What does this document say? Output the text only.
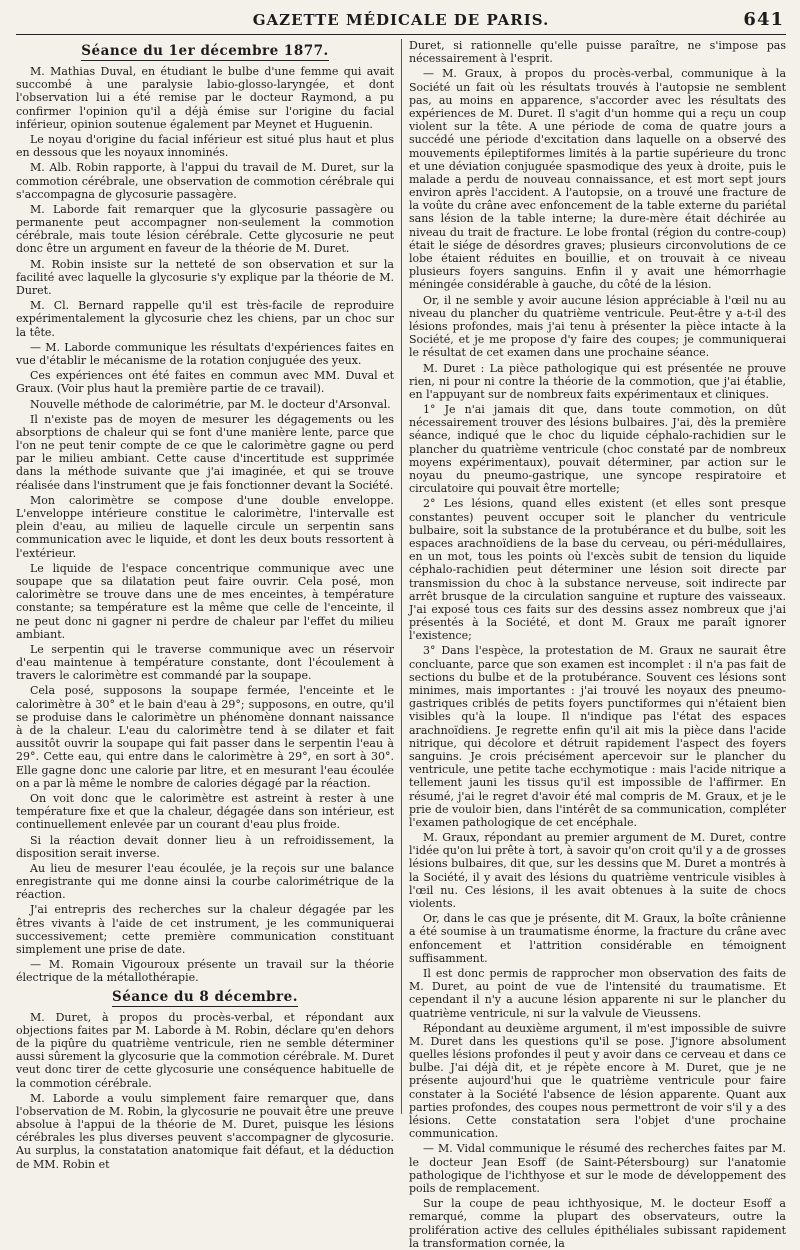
GAZETTE MÉDICALE DE PARIS.	641
Séance du 1er décembre 1877.

M. Mathias Duval, en étudiant le bulbe d'une femme qui avait succombé à une paralysie labio-glosso-laryngée, et dont l'observation lui a été remise par le docteur Raymond, a pu confirmer l'opinion qu'il a déjà émise sur l'origine du facial inférieur, opinion soutenue également par Meynet et Huguenin.

Le noyau d'origine du facial inférieur est situé plus haut et plus en dessous que les noyaux innominés.

M. Alb. Robin rapporte, à l'appui du travail de M. Duret, sur la commotion cérébrale, une observation de commotion cérébrale qui s'accompagna de glycosurie passagère.

M. Laborde fait remarquer que la glycosurie passagère ou permanente peut accompagner non-seulement la commotion cérébrale, mais toute lésion cérébrale. Cette glycosurie ne peut donc être un argument en faveur de la théorie de M. Duret.

M. Robin insiste sur la netteté de son observation et sur la facilité avec laquelle la glycosurie s'y explique par la théorie de M. Duret.

M. Cl. Bernard rappelle qu'il est très-facile de reproduire expérimentalement la glycosurie chez les chiens, par un choc sur la tête.

— M. Laborde communique les résultats d'expériences faites en vue d'établir le mécanisme de la rotation conjuguée des yeux.

Ces expériences ont été faites en commun avec MM. Duval et Graux. (Voir plus haut la première partie de ce travail).

Nouvelle méthode de calorimétrie, par M. le docteur d'Arsonval.

Il n'existe pas de moyen de mesurer les dégagements ou les absorptions de chaleur qui se font d'une manière lente, parce que l'on ne peut tenir compte de ce que le calorimètre gagne ou perd par le milieu ambiant. Cette cause d'incertitude est supprimée dans la méthode suivante que j'ai imaginée, et qui se trouve réalisée dans l'instrument que je fais fonctionner devant la Société.

Mon calorimètre se compose d'une double enveloppe. L'enveloppe intérieure constitue le calorimètre, l'intervalle est plein d'eau, au milieu de laquelle circule un serpentin sans communication avec le liquide, et dont les deux bouts ressortent à l'extérieur.

Le liquide de l'espace concentrique communique avec une soupape que sa dilatation peut faire ouvrir. Cela posé, mon calorimètre se trouve dans une de mes enceintes, à température constante; sa température est la même que celle de l'enceinte, il ne peut donc ni gagner ni perdre de chaleur par l'effet du milieu ambiant.

Le serpentin qui le traverse communique avec un réservoir d'eau maintenue à température constante, dont l'écoulement à travers le calorimètre est commandé par la soupape.

Cela posé, supposons la soupape fermée, l'enceinte et le calorimètre à 30° et le bain d'eau à 29°; supposons, en outre, qu'il se produise dans le calorimètre un phénomène donnant naissance à de la chaleur. L'eau du calorimètre tend à se dilater et fait aussitôt ouvrir la soupape qui fait passer dans le serpentin l'eau à 29°. Cette eau, qui entre dans le calorimètre à 29°, en sort à 30°. Elle gagne donc une calorie par litre, et en mesurant l'eau écoulée on a par là même le nombre de calories dégagé par la réaction.

On voit donc que le calorimètre est astreint à rester à une température fixe et que la chaleur, dégagée dans son intérieur, est continuellement enlevée par un courant d'eau plus froide.

Si la réaction devait donner lieu à un refroidissement, la disposition serait inverse.

Au lieu de mesurer l'eau écoulée, je la reçois sur une balance enregistrante qui me donne ainsi la courbe calorimétrique de la réaction.

J'ai entrepris des recherches sur la chaleur dégagée par les êtres vivants à l'aide de cet instrument, je les communiquerai successivement; cette première communication constituant simplement une prise de date.

— M. Romain Vigouroux présente un travail sur la théorie électrique de la métallothérapie.

Séance du 8 décembre.

M. Duret, à propos du procès-verbal, et répondant aux objections faites par M. Laborde à M. Robin, déclare qu'en dehors de la piqûre du quatrième ventricule, rien ne semble déterminer aussi sûrement la glycosurie que la commotion cérébrale. M. Duret veut donc tirer de cette glycosurie une conséquence habituelle de la commotion cérébrale.

M. Laborde a voulu simplement faire remarquer que, dans l'observation de M. Robin, la glycosurie ne pouvait être une preuve absolue à l'appui de la théorie de M. Duret, puisque les lésions cérébrales les plus diverses peuvent s'accompagner de glycosurie. Au surplus, la constatation anatomique fait défaut, et la déduction de MM. Robin et

Duret, si rationnelle qu'elle puisse paraître, ne s'impose pas nécessairement à l'esprit.

— M. Graux, à propos du procès-verbal, communique à la Société un fait où les résultats trouvés à l'autopsie ne semblent pas, au moins en apparence, s'accorder avec les résultats des expériences de M. Duret. Il s'agit d'un homme qui a reçu un coup violent sur la tête. A une période de coma de quatre jours a succédé une période d'excitation dans laquelle on a observé des mouvements épileptiformes limités à la partie supérieure du tronc et une déviation conjuguée spasmodique des yeux à droite, puis le malade a perdu de nouveau connaissance, et est mort sept jours environ après l'accident. A l'autopsie, on a trouvé une fracture de la voûte du crâne avec enfoncement de la table externe du pariétal sans lésion de la table interne; la dure-mère était déchirée au niveau du trait de fracture. Le lobe frontal (région du contre-coup) était le siége de désordres graves; plusieurs circonvolutions de ce lobe étaient réduites en bouillie, et on trouvait à ce niveau plusieurs foyers sanguins. Enfin il y avait une hémorrhagie méningée considérable à gauche, du côté de la lésion.

Or, il ne semble y avoir aucune lésion appréciable à l'œil nu au niveau du plancher du quatrième ventricule. Peut-être y a-t-il des lésions profondes, mais j'ai tenu à présenter la pièce intacte à la Société, et je me propose d'y faire des coupes; je communiquerai le résultat de cet examen dans une prochaine séance.

M. Duret : La pièce pathologique qui est présentée ne prouve rien, ni pour ni contre la théorie de la commotion, que j'ai établie, en l'appuyant sur de nombreux faits expérimentaux et cliniques.

1° Je n'ai jamais dit que, dans toute commotion, on dût nécessairement trouver des lésions bulbaires. J'ai, dès la première séance, indiqué que le choc du liquide céphalo-rachidien sur le plancher du quatrième ventricule (choc constaté par de nombreux moyens expérimentaux), pouvait déterminer, par action sur le noyau du pneumo-gastrique, une syncope respiratoire et circulatoire qui pouvait être mortelle;

2° Les lésions, quand elles existent (et elles sont presque constantes) peuvent occuper soit le plancher du ventricule bulbaire, soit la substance de la protubérance et du bulbe, soit les espaces arachnoïdiens de la base du cerveau, ou péri-médullaires, en un mot, tous les points où l'excès subit de tension du liquide céphalo-rachidien peut déterminer une lésion soit directe par transmission du choc à la substance nerveuse, soit indirecte par arrêt brusque de la circulation sanguine et rupture des vaisseaux. J'ai exposé tous ces faits sur des dessins assez nombreux que j'ai présentés à la Société, et dont M. Graux me paraît ignorer l'existence;

3° Dans l'espèce, la protestation de M. Graux ne saurait être concluante, parce que son examen est incomplet : il n'a pas fait de sections du bulbe et de la protubérance. Souvent ces lésions sont minimes, mais importantes : j'ai trouvé les noyaux des pneumo-gastriques criblés de petits foyers punctiformes qui n'étaient bien visibles qu'à la loupe. Il n'indique pas l'état des espaces arachnoïdiens. Je regrette enfin qu'il ait mis la pièce dans l'acide nitrique, qui décolore et détruit rapidement l'aspect des foyers sanguins. Je crois précisément apercevoir sur le plancher du ventricule, une petite tache ecchymotique : mais l'acide nitrique a tellement jauni les tissus qu'il est impossible de l'affirmer. En résumé, j'ai le regret d'avoir été mal compris de M. Graux, et je le prie de vouloir bien, dans l'intérêt de sa communication, compléter l'examen pathologique de cet encéphale.

M. Graux, répondant au premier argument de M. Duret, contre l'idée qu'on lui prête à tort, à savoir qu'on croit qu'il y a de grosses lésions bulbaires, dit que, sur les dessins que M. Duret a montrés à la Société, il y avait des lésions du quatrième ventricule visibles à l'œil nu. Ces lésions, il les avait obtenues à la suite de chocs violents.

Or, dans le cas que je présente, dit M. Graux, la boîte crânienne a été soumise à un traumatisme énorme, la fracture du crâne avec enfoncement et l'attrition considérable en témoignent suffisamment.

Il est donc permis de rapprocher mon observation des faits de M. Duret, au point de vue de l'intensité du traumatisme. Et cependant il n'y a aucune lésion apparente ni sur le plancher du quatrième ventricule, ni sur la valvule de Vieussens.

Répondant au deuxième argument, il m'est impossible de suivre M. Duret dans les questions qu'il se pose. J'ignore absolument quelles lésions profondes il peut y avoir dans ce cerveau et dans ce bulbe. J'ai déjà dit, et je répète encore à M. Duret, que je ne présente aujourd'hui que le quatrième ventricule pour faire constater à la Société l'absence de lésion apparente. Quant aux parties profondes, des coupes nous permettront de voir s'il y a des lésions. Cette constatation sera l'objet d'une prochaine communication.

— M. Vidal communique le résumé des recherches faites par M. le docteur Jean Esoff (de Saint-Pétersbourg) sur l'anatomie pathologique de l'ichthyose et sur le mode de développement des poils de remplacement.

Sur la coupe de peau ichthyosique, M. le docteur Esoff a remarqué, comme la plupart des observateurs, outre la prolifération active des cellules épithéliales subissant rapidement la transformation cornée, la
